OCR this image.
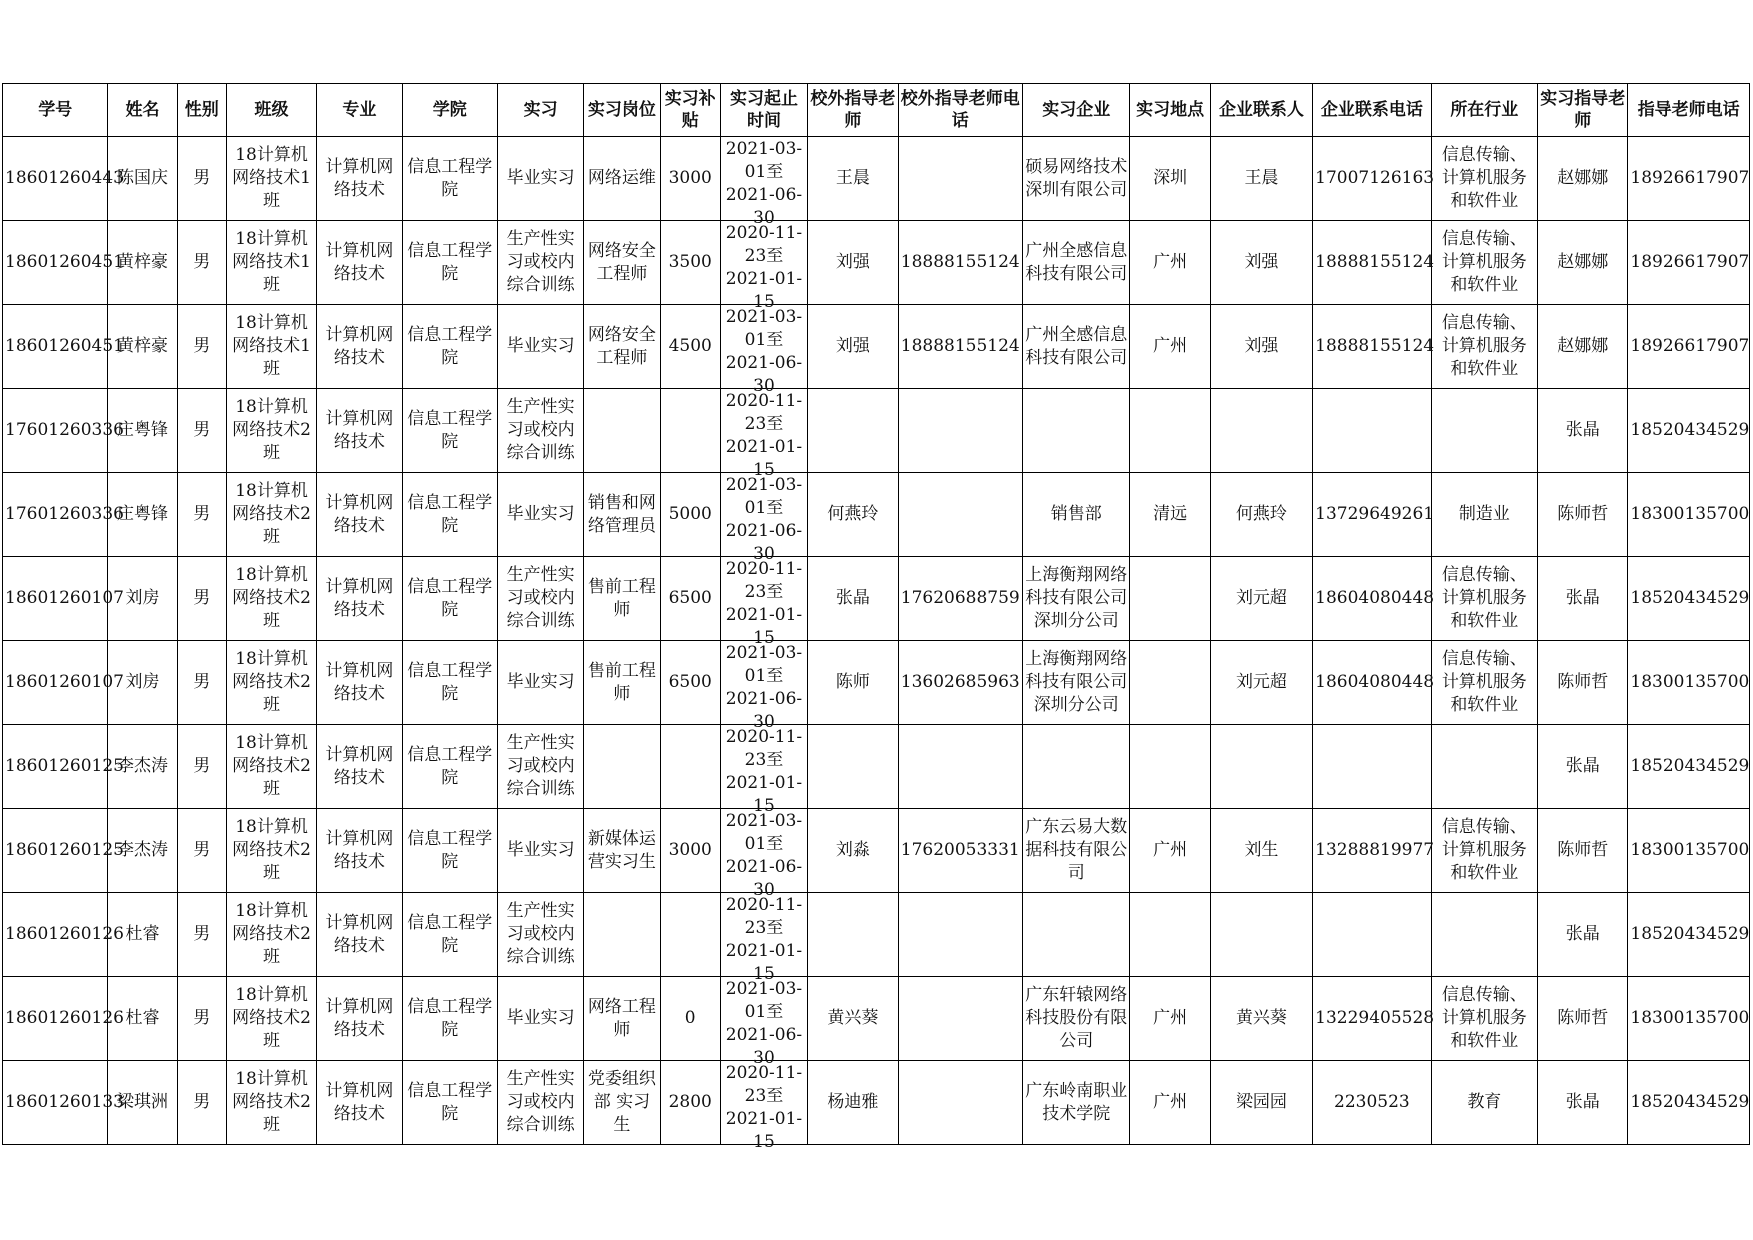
学号	姓名	性别	班级	专业	学院	实习	实习岗位	实习补贴	实习起止时间	校外指导老师	校外指导老师电话	实习企业	实习地点	企业联系人	企业联系电话	所在行业	实习指导老师	指导老师电话

18601260443	陈国庆	男	18计算机网络技术1班	计算机网络技术	信息工程学院	毕业实习	网络运维	3000	2021-03-01至2021-06-30	王晨		硕易网络技术深圳有限公司	深圳	王晨	17007126163	信息传输、计算机服务和软件业	赵娜娜	18926617907

18601260451	黄梓豪	男	18计算机网络技术1班	计算机网络技术	信息工程学院	生产性实习或校内综合训练	网络安全工程师	3500	2020-11-23至2021-01-15	刘强	18888155124	广州全感信息科技有限公司	广州	刘强	18888155124	信息传输、计算机服务和软件业	赵娜娜	18926617907

18601260451	黄梓豪	男	18计算机网络技术1班	计算机网络技术	信息工程学院	毕业实习	网络安全工程师	4500	2021-03-01至2021-06-30	刘强	18888155124	广州全感信息科技有限公司	广州	刘强	18888155124	信息传输、计算机服务和软件业	赵娜娜	18926617907

17601260336	庄粤锋	男	18计算机网络技术2班	计算机网络技术	信息工程学院	生产性实习或校内综合训练			2020-11-23至2021-01-15								张晶	18520434529

17601260336	庄粤锋	男	18计算机网络技术2班	计算机网络技术	信息工程学院	毕业实习	销售和网络管理员	5000	2021-03-01至2021-06-30	何燕玲		销售部	清远	何燕玲	13729649261	制造业	陈师哲	18300135700

18601260107	刘房	男	18计算机网络技术2班	计算机网络技术	信息工程学院	生产性实习或校内综合训练	售前工程师	6500	2020-11-23至2021-01-15	张晶	17620688759	上海衡翔网络科技有限公司深圳分公司		刘元超	18604080448	信息传输、计算机服务和软件业	张晶	18520434529

18601260107	刘房	男	18计算机网络技术2班	计算机网络技术	信息工程学院	毕业实习	售前工程师	6500	2021-03-01至2021-06-30	陈师	13602685963	上海衡翔网络科技有限公司深圳分公司		刘元超	18604080448	信息传输、计算机服务和软件业	陈师哲	18300135700

18601260125	李杰涛	男	18计算机网络技术2班	计算机网络技术	信息工程学院	生产性实习或校内综合训练			2020-11-23至2021-01-15								张晶	18520434529

18601260125	李杰涛	男	18计算机网络技术2班	计算机网络技术	信息工程学院	毕业实习	新媒体运营实习生	3000	2021-03-01至2021-06-30	刘淼	17620053331	广东云易大数据科技有限公司	广州	刘生	13288819977	信息传输、计算机服务和软件业	陈师哲	18300135700

18601260126	杜睿	男	18计算机网络技术2班	计算机网络技术	信息工程学院	生产性实习或校内综合训练			2020-11-23至2021-01-15								张晶	18520434529

18601260126	杜睿	男	18计算机网络技术2班	计算机网络技术	信息工程学院	毕业实习	网络工程师	0	2021-03-01至2021-06-30	黄兴葵		广东轩辕网络科技股份有限公司	广州	黄兴葵	13229405528	信息传输、计算机服务和软件业	陈师哲	18300135700

18601260133	梁琪洲	男	18计算机网络技术2班	计算机网络技术	信息工程学院	生产性实习或校内综合训练	党委组织部 实习生	2800	2020-11-23至2021-01-15	杨迪雅		广东岭南职业技术学院	广州	梁园园	2230523	教育	张晶	18520434529
